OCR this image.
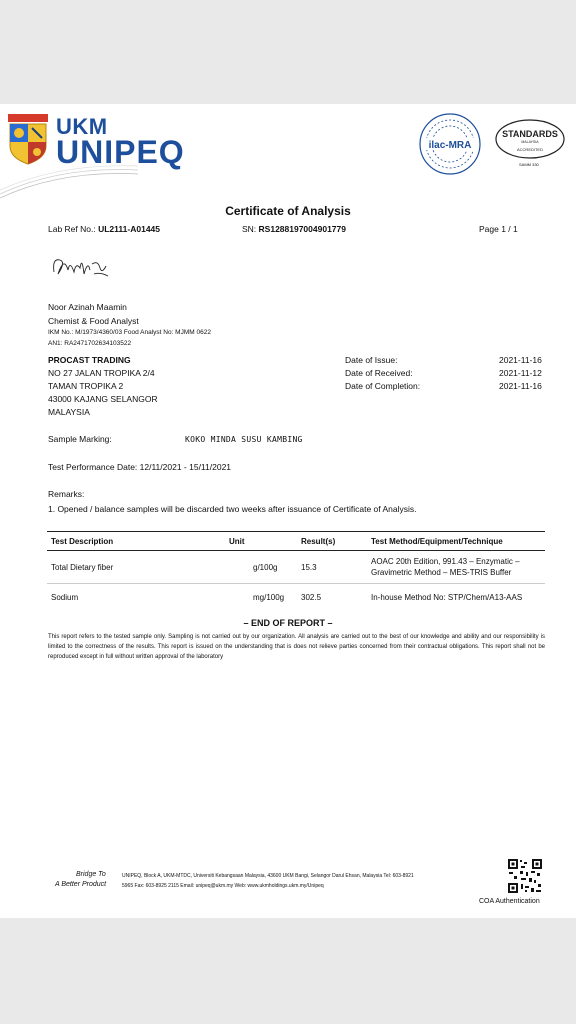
UKM
UNIPEQ	ilac-MRA
STANDARDS
MALAYSIA
ACCREDITED
SAMM 330
Certificate of Analysis
Lab Ref No.: UL2111-A01445	SN: RS1288197004901779	Page 1 / 1
Noor Azinah Maamin
Chemist & Food Analyst
IKM No.: M/1973/4360/03 Food Analyst No: MJMM 0622
AN1: RA2471702634103522
PROCAST TRADING
NO 27 JALAN TROPIKA 2/4
TAMAN TROPIKA 2
43000 KAJANG SELANGOR
MALAYSIA
Date of Issue:	2021-11-16
Date of Received:	2021-11-12
Date of Completion:	2021-11-16
Sample Marking:	KOKO MINDA SUSU KAMBING
Test Performance Date: 12/11/2021 - 15/11/2021
Remarks:
1. Opened / balance samples will be discarded two weeks after issuance of Certificate of Analysis.
Test Description	Unit	Result(s)	Test Method/Equipment/Technique
Total Dietary fiber	g/100g	15.3	AOAC 20th Edition, 991.43 – Enzymatic – Gravimetric Method – MES-TRIS Buffer
Sodium	mg/100g	302.5	In-house Method No: STP/Chem/A13-AAS
– END OF REPORT –
This report refers to the tested sample only. Sampling is not carried out by our organization. All analysis are carried out to the best of our knowledge and ability and our responsibility is limited to the correctness of the results. This report is issued on the understanding that is does not relieve parties concerned from their contractual obligations. This report shall not be reproduced except in full without written approval of the laboratory
Bridge To
A Better Product
UNIPEQ, Block A, UKM-MTDC, Universiti Kebangsaan Malaysia, 43600 UKM Bangi, Selangor Darul Ehsan, Malaysia Tel: 603-8921
5965 Fax: 603-8925 2115 Email: unipeq@ukm.my Web: www.ukmholdings.ukm.my/Unipeq
COA Authentication
